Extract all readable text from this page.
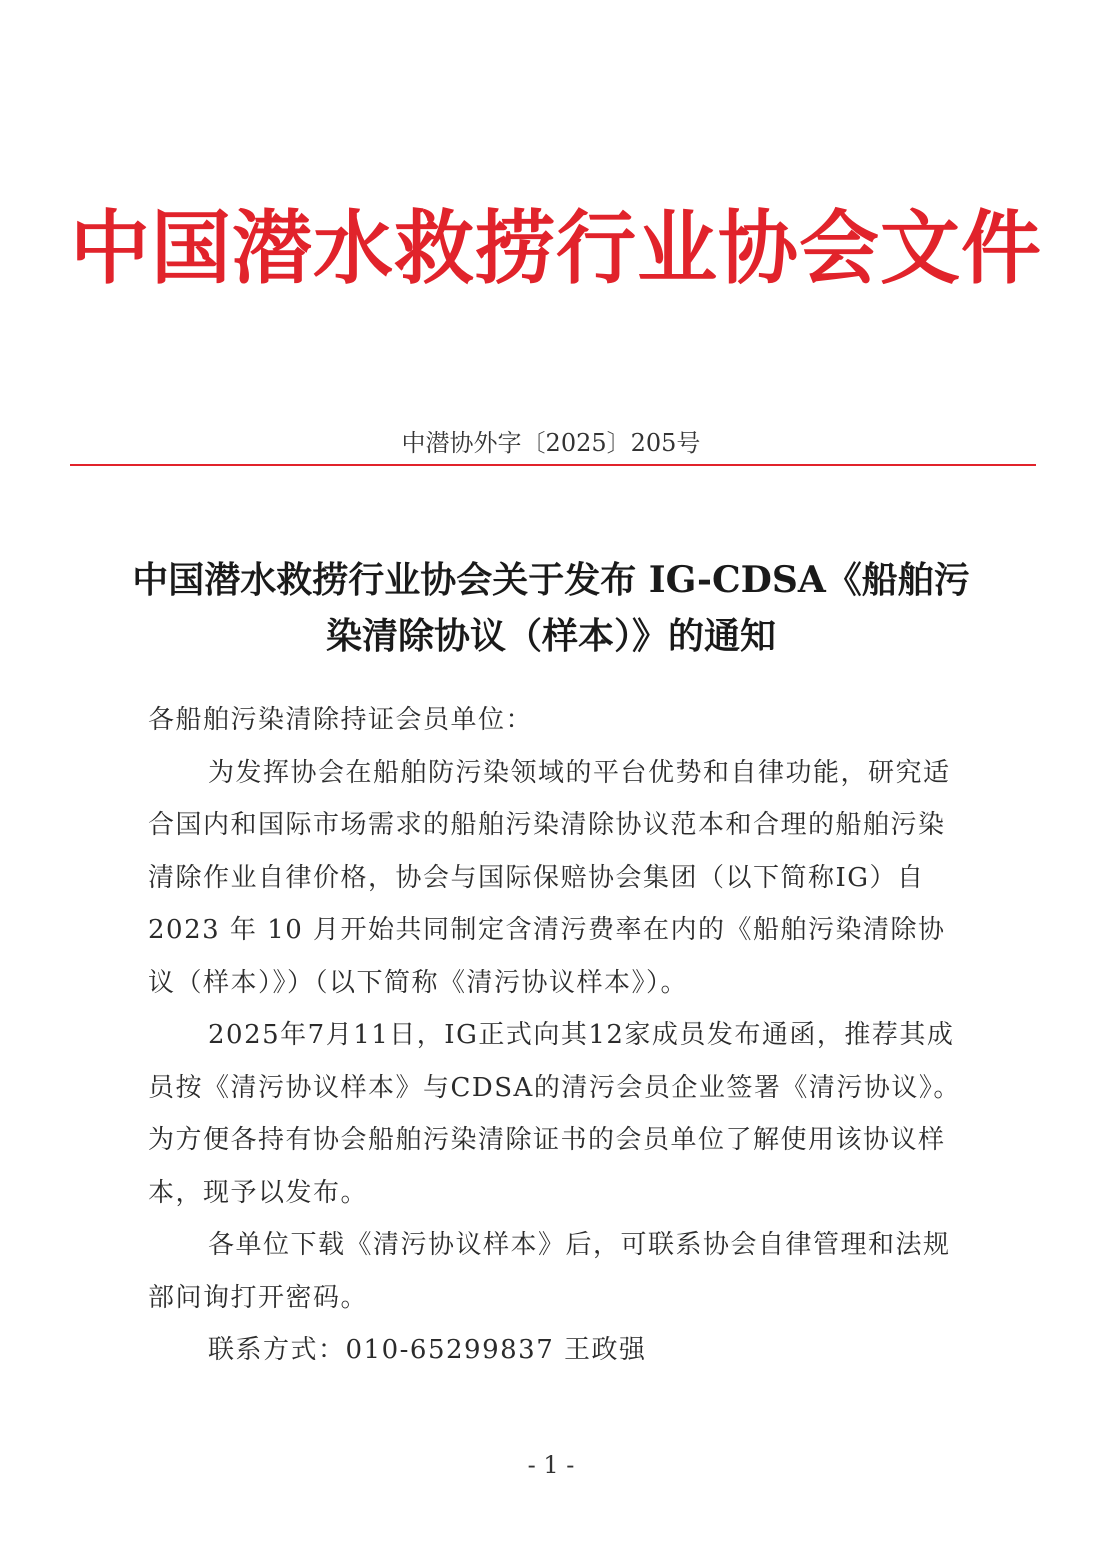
中国潜水救捞行业协会文件
中潜协外字〔2025〕205号
中国潜水救捞行业协会关于发布 IG-CDSA《船舶污
染清除协议（样本）》的通知

各船舶污染清除持证会员单位：

为发挥协会在船舶防污染领域的平台优势和自律功能，研究适合国内和国际市场需求的船舶污染清除协议范本和合理的船舶污染清除作业自律价格，协会与国际保赔协会集团（以下简称IG）自 2023 年 10 月开始共同制定含清污费率在内的《船舶污染清除协议（样本）》）（以下简称《清污协议样本》）。

2025年7月11日，IG正式向其12家成员发布通函，推荐其成员按《清污协议样本》与CDSA的清污会员企业签署《清污协议》。为方便各持有协会船舶污染清除证书的会员单位了解使用该协议样本，现予以发布。

各单位下载《清污协议样本》后，可联系协会自律管理和法规部问询打开密码。

联系方式：010-65299837 王政强

- 1 -
